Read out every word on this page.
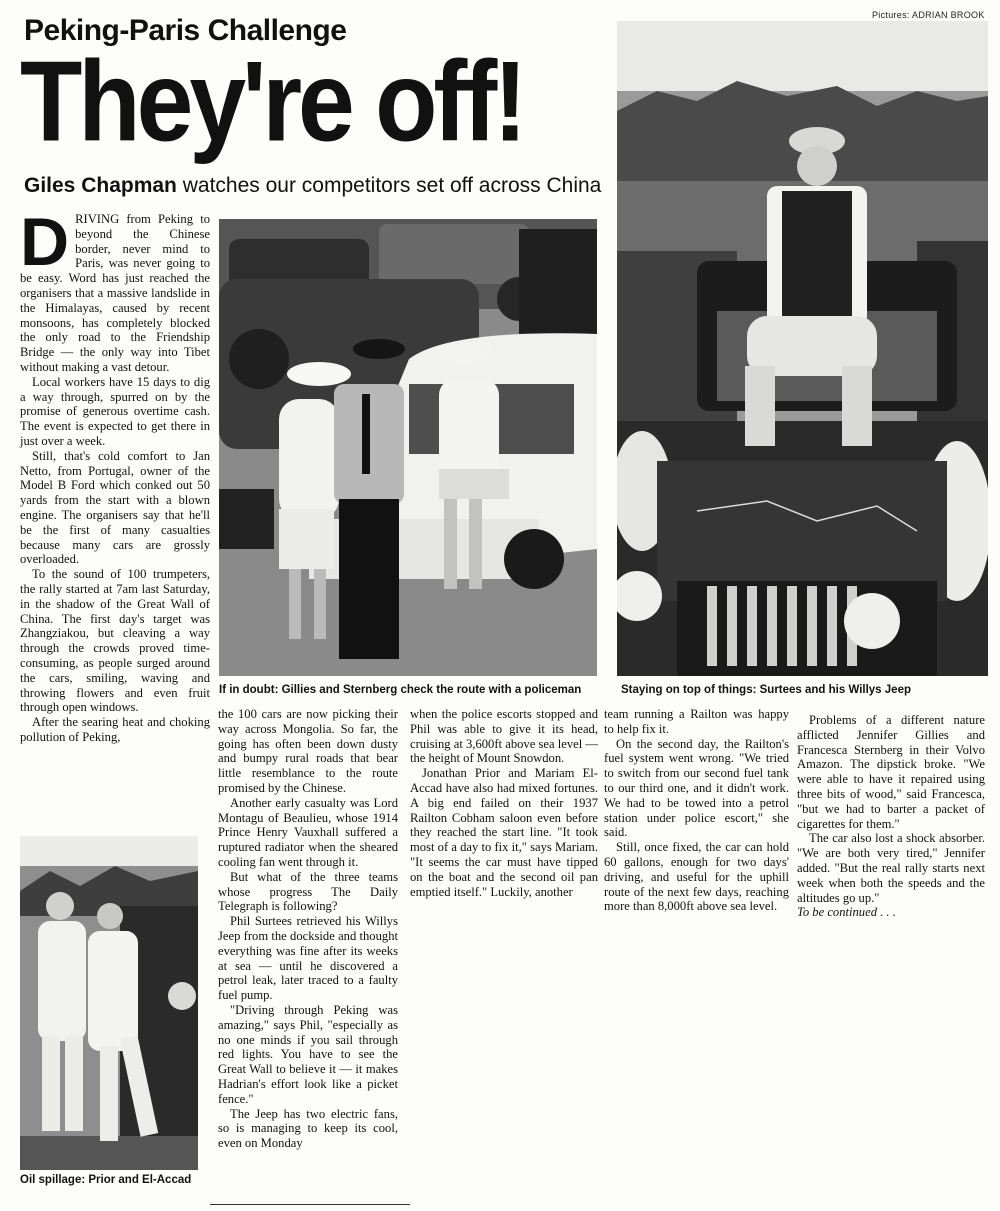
Pictures: ADRIAN BROOK
Peking-Paris Challenge
They're off!
Giles Chapman watches our competitors set off across China
If in doubt: Gillies and Sternberg check the route with a policeman	Staying on top of things: Surtees and his Willys Jeep
Oil spillage: Prior and El-Accad

DRIVING from Peking to beyond the Chinese border, never mind to Paris, was never going to be easy. Word has just reached the organisers that a massive landslide in the Himalayas, caused by recent monsoons, has completely blocked the only road to the Friendship Bridge — the only way into Tibet without making a vast detour.

Local workers have 15 days to dig a way through, spurred on by the promise of generous overtime cash. The event is expected to get there in just over a week.

Still, that's cold comfort to Jan Netto, from Portugal, owner of the Model B Ford which conked out 50 yards from the start with a blown engine. The organisers say that he'll be the first of many casualties because many cars are grossly overloaded.

To the sound of 100 trumpeters, the rally started at 7am last Saturday, in the shadow of the Great Wall of China. The first day's target was Zhangziakou, but cleaving a way through the crowds proved time-consuming, as people surged around the cars, smiling, waving and throwing flowers and even fruit through open windows.

After the searing heat and choking pollution of Peking,

the 100 cars are now picking their way across Mongolia. So far, the going has often been down dusty and bumpy rural roads that bear little resemblance to the route promised by the Chinese.

Another early casualty was Lord Montagu of Beaulieu, whose 1914 Prince Henry Vauxhall suffered a ruptured radiator when the sheared cooling fan went through it.

But what of the three teams whose progress The Daily Telegraph is following?

Phil Surtees retrieved his Willys Jeep from the dockside and thought everything was fine after its weeks at sea — until he discovered a petrol leak, later traced to a faulty fuel pump.

"Driving through Peking was amazing," says Phil, "especially as no one minds if you sail through red lights. You have to see the Great Wall to believe it — it makes Hadrian's effort look like a picket fence."

The Jeep has two electric fans, so is managing to keep its cool, even on Monday

when the police escorts stopped and Phil was able to give it its head, cruising at 3,600ft above sea level — the height of Mount Snowdon.

Jonathan Prior and Mariam El-Accad have also had mixed fortunes. A big end failed on their 1937 Railton Cobham saloon even before they reached the start line. "It took most of a day to fix it," says Mariam. "It seems the car must have tipped on the boat and the second oil pan emptied itself." Luckily, another

team running a Railton was happy to help fix it.

On the second day, the Railton's fuel system went wrong. "We tried to switch from our second fuel tank to our third one, and it didn't work. We had to be towed into a petrol station under police escort," she said.

Still, once fixed, the car can hold 60 gallons, enough for two days' driving, and useful for the uphill route of the next few days, reaching more than 8,000ft above sea level.

Problems of a different nature afflicted Jennifer Gillies and Francesca Sternberg in their Volvo Amazon. The dipstick broke. "We were able to have it repaired using three bits of wood," said Francesca, "but we had to barter a packet of cigarettes for them."

The car also lost a shock absorber. "We are both very tired," Jennifer added. "But the real rally starts next week when both the speeds and the altitudes go up."

To be continued . . .
